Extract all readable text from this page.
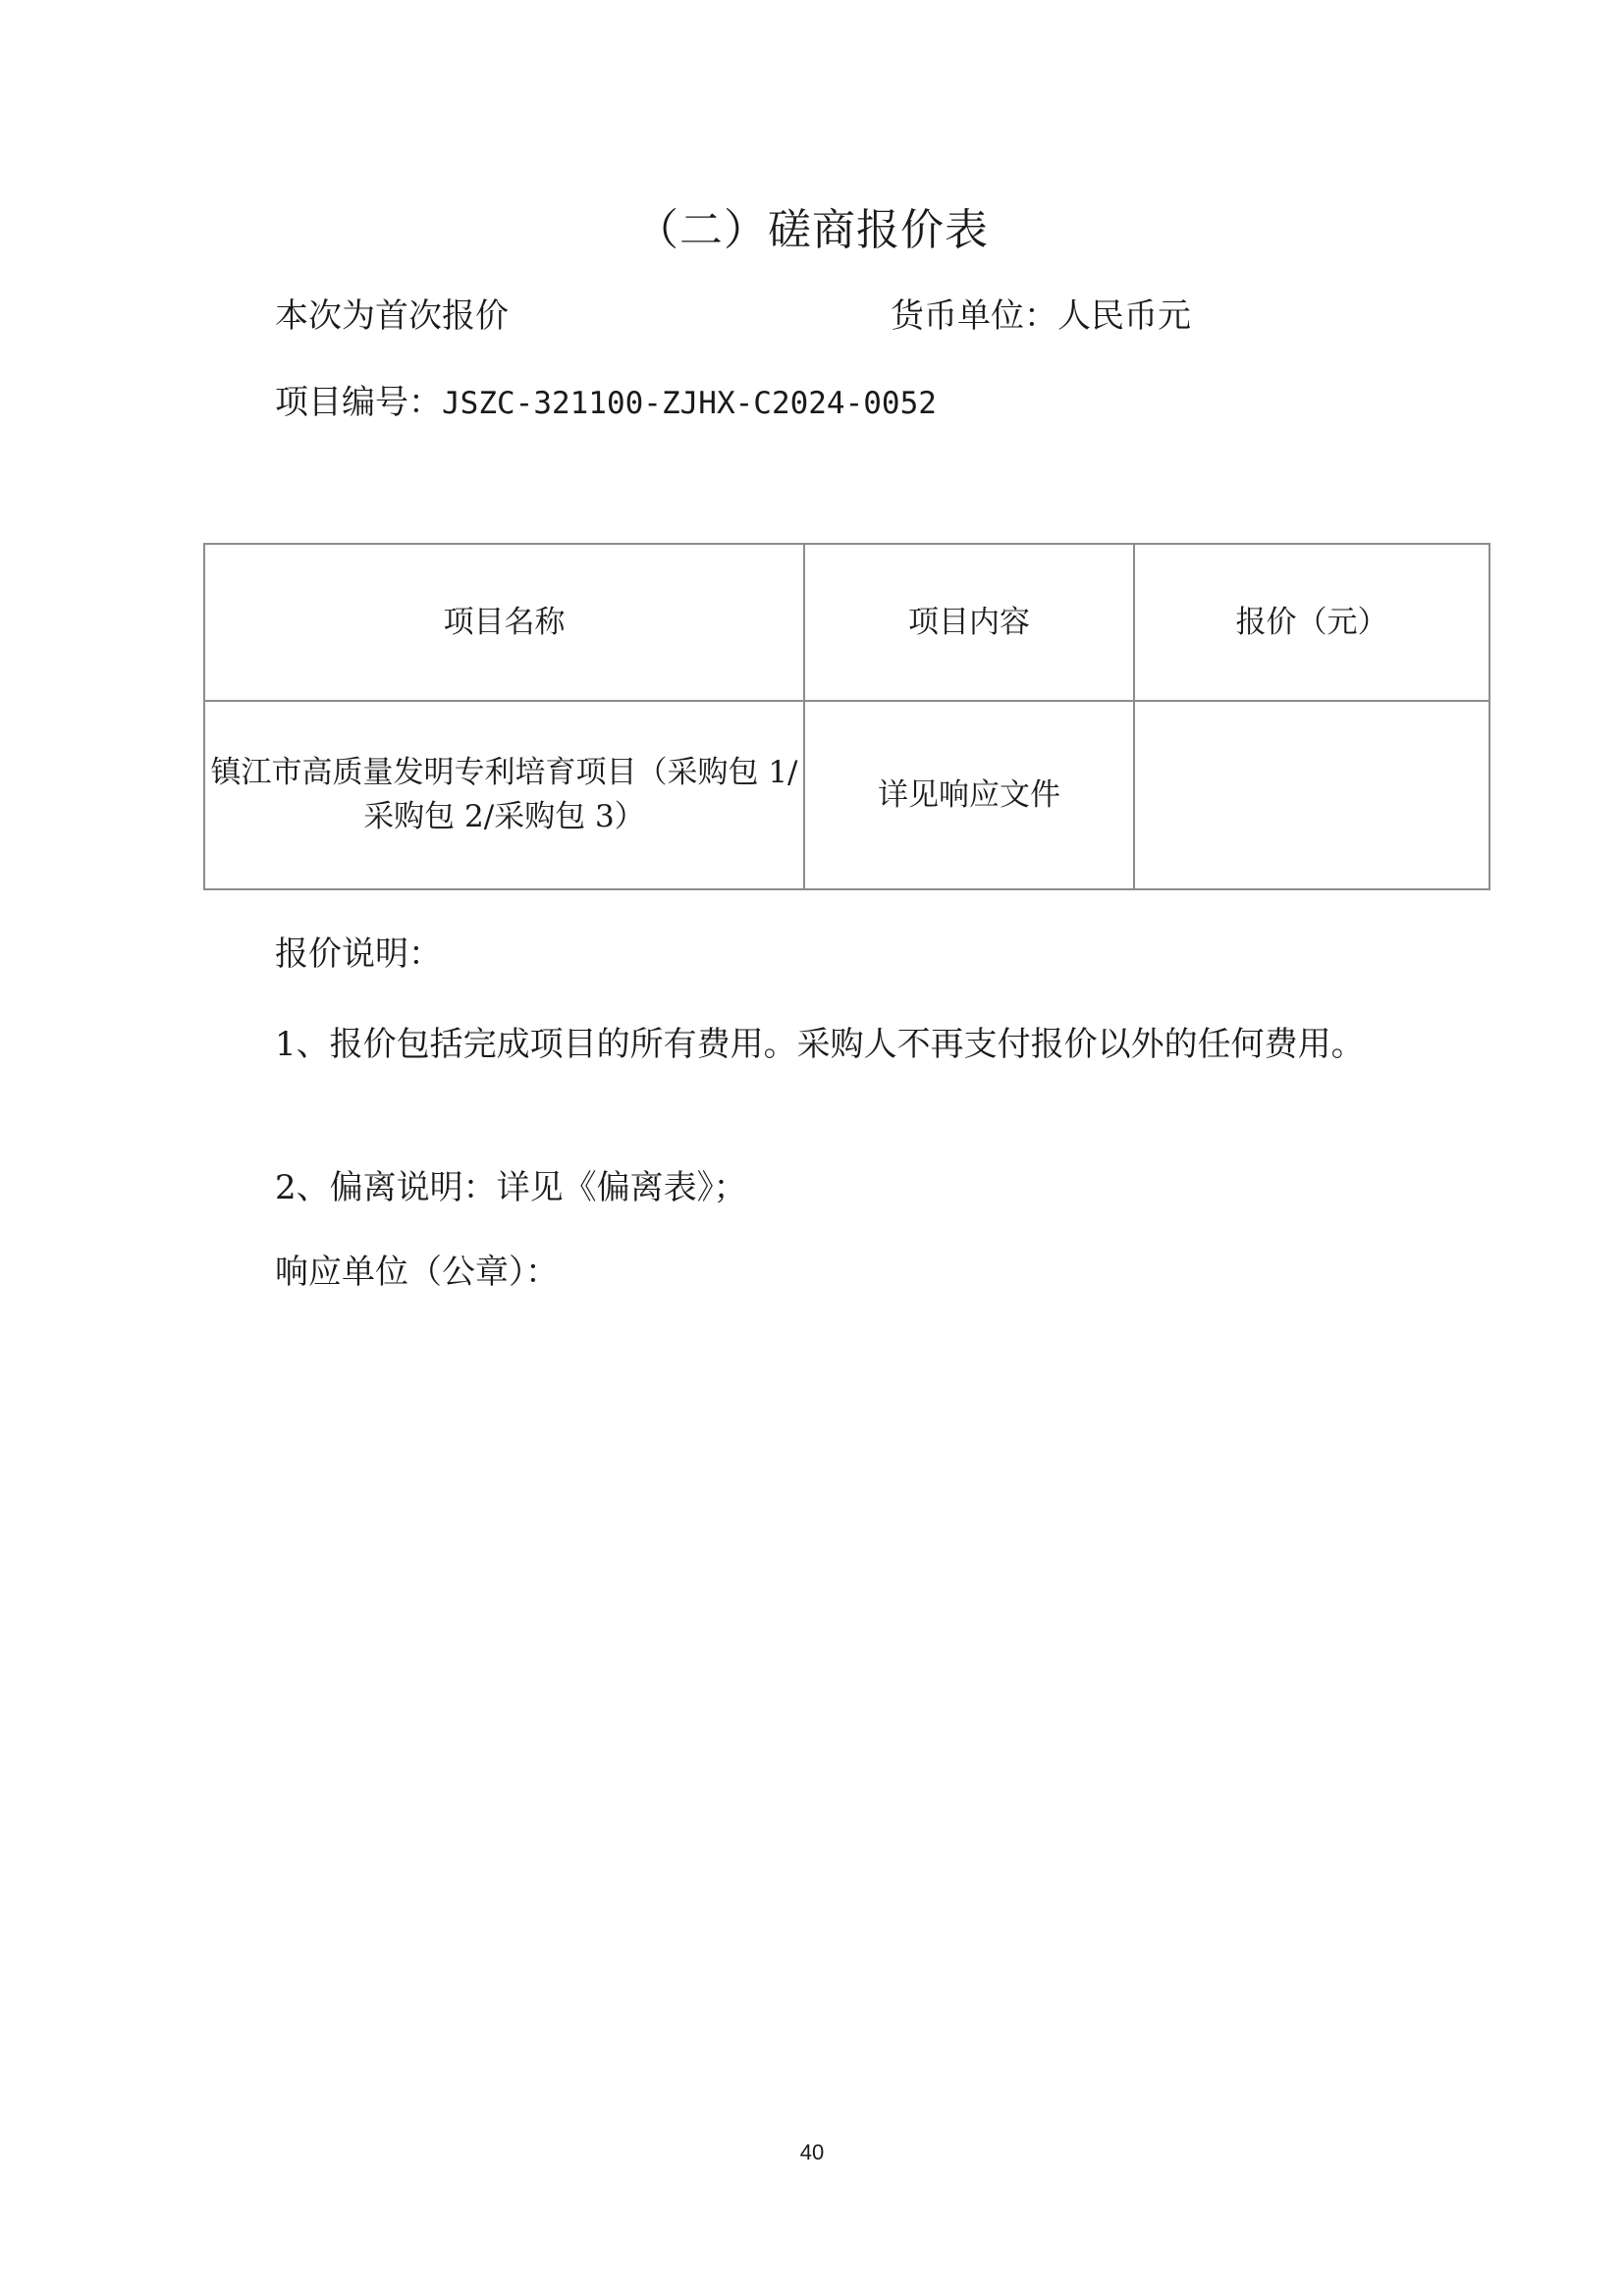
（二）磋商报价表
本次为首次报价	货币单位：人民币元
项目编号：JSZC-321100-ZJHX-C2024-0052
项目名称	项目内容	报价（元）
镇江市高质量发明专利培育项目（采购包 1/采购包 2/采购包 3）	详见响应文件	
报价说明：
1、报价包括完成项目的所有费用。采购人不再支付报价以外的任何费用。
2、偏离说明：详见《偏离表》；
响应单位（公章）：
40
